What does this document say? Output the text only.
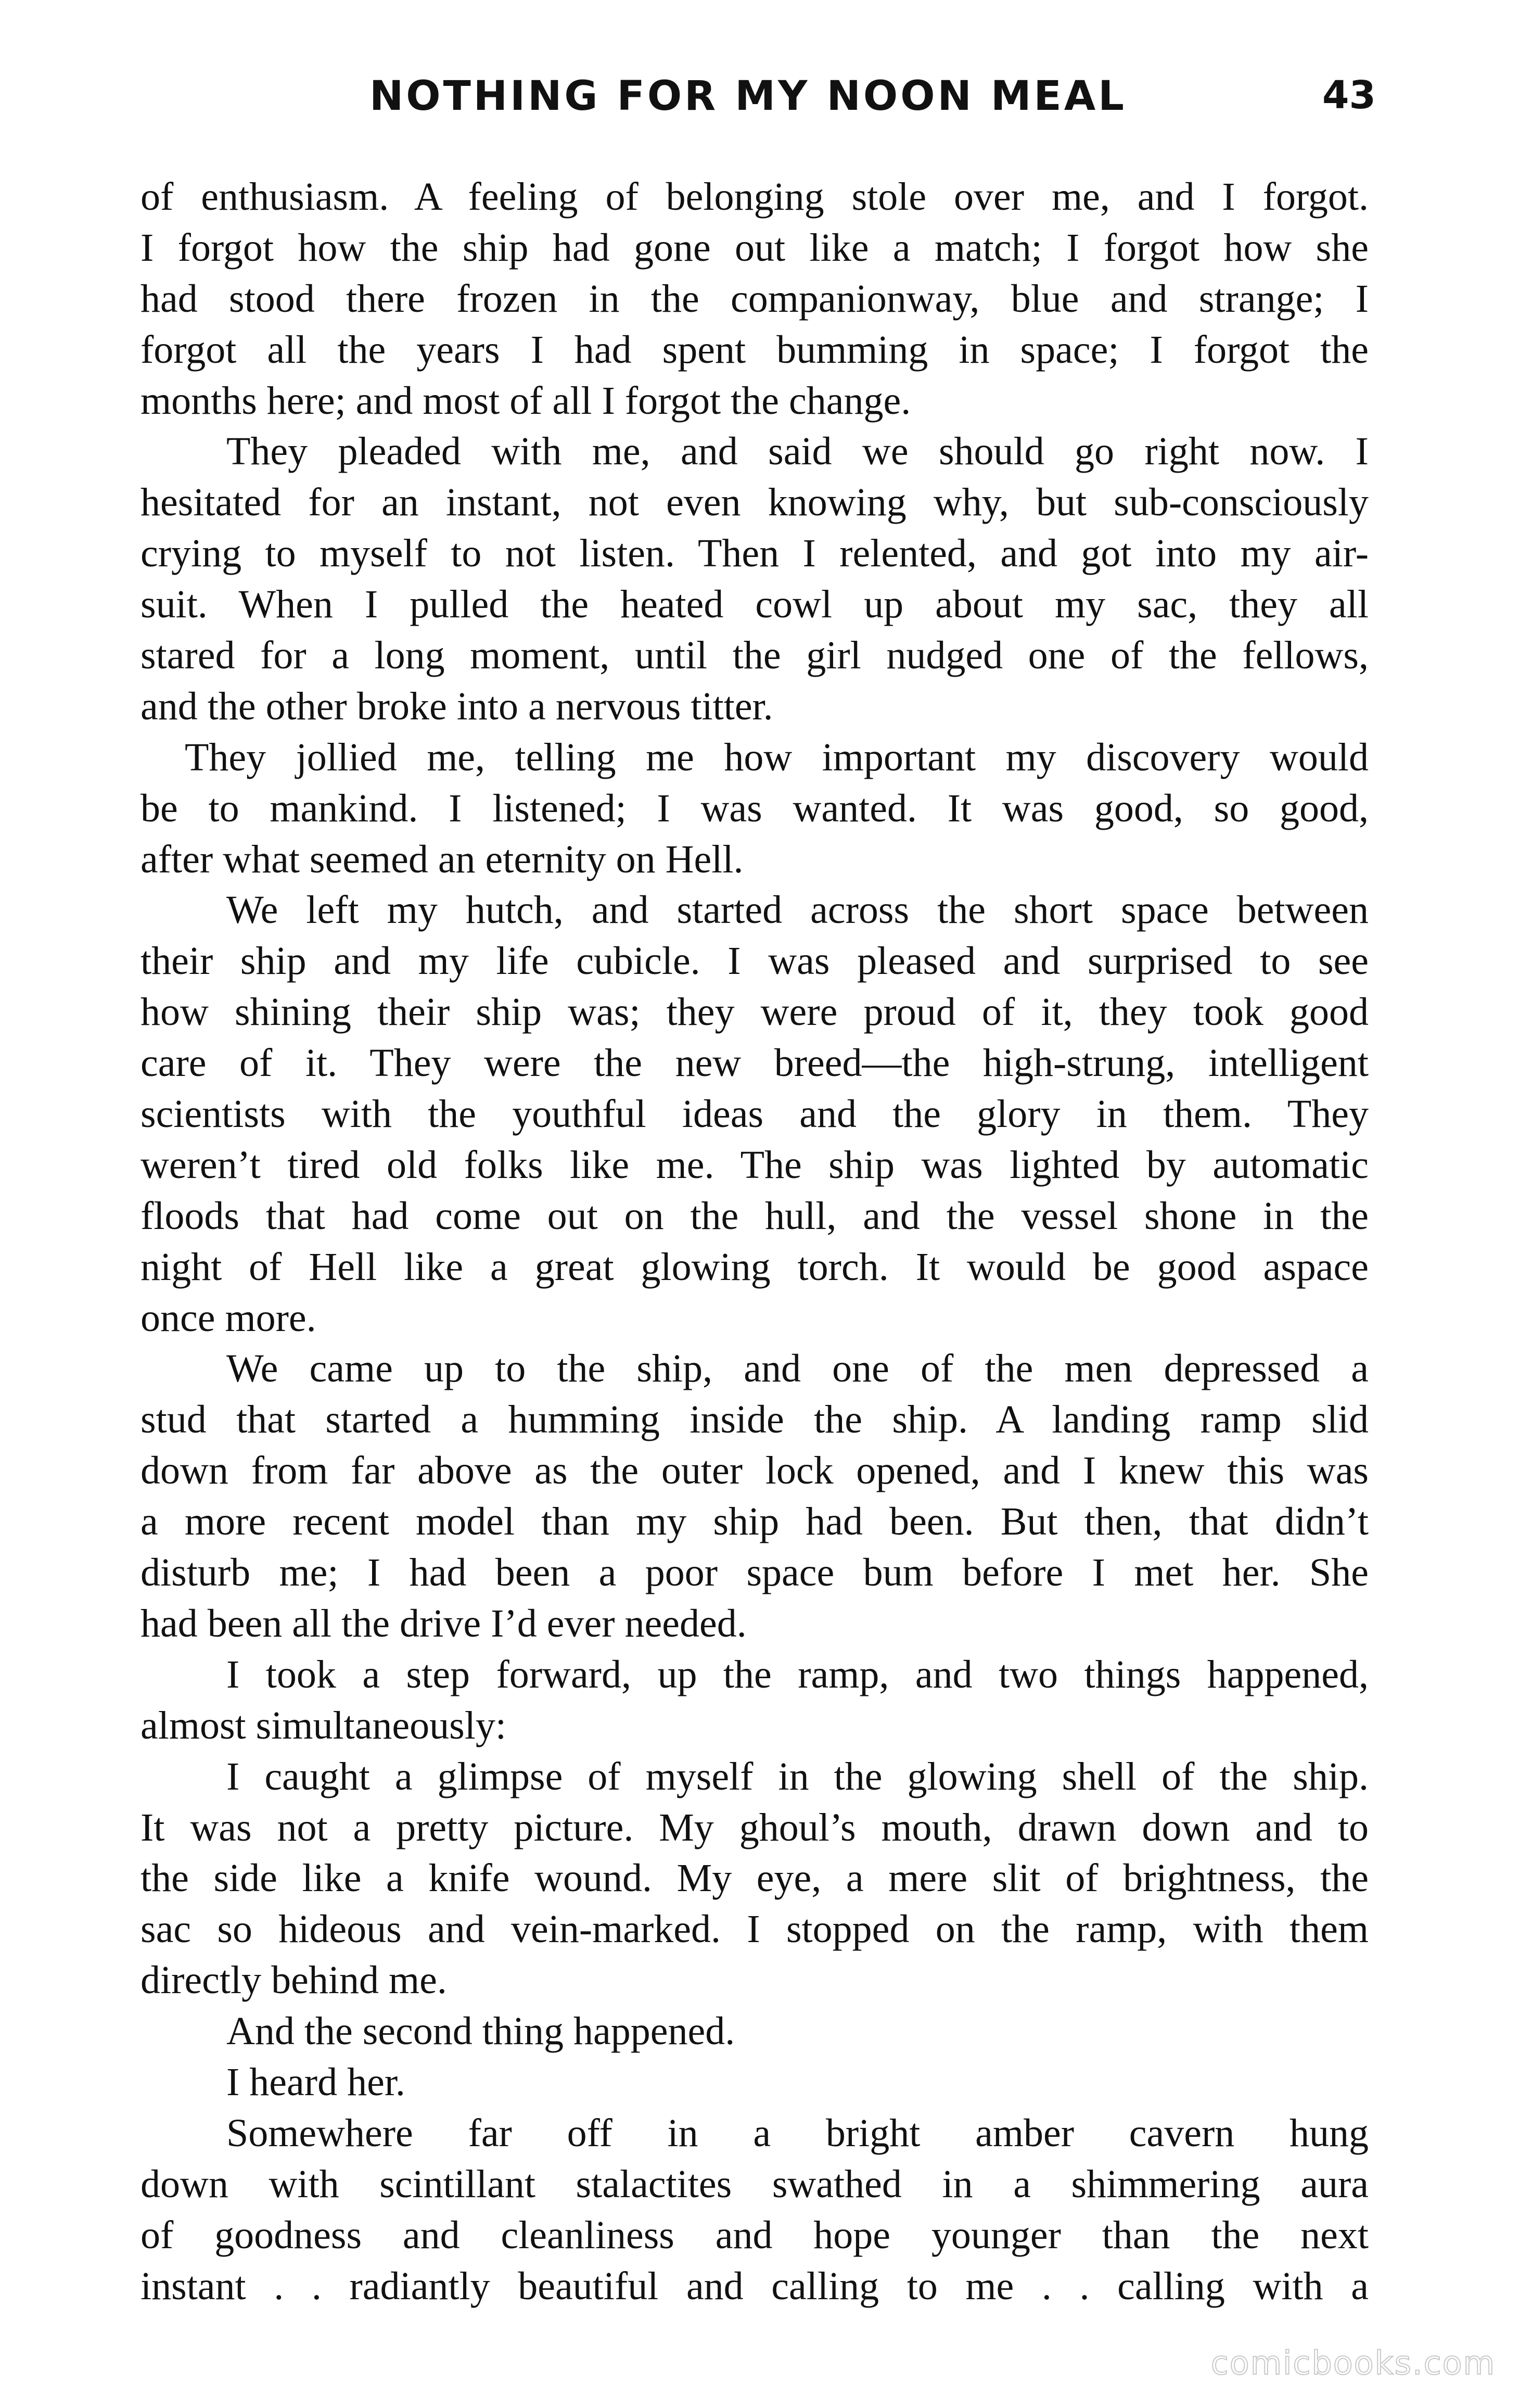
NOTHING FOR MY NOON MEAL	43
of enthusiasm. A feeling of belonging stole over me, and I forgot.
I forgot how the ship had gone out like a match; I forgot how she
had stood there frozen in the companionway, blue and strange; I
forgot all the years I had spent bumming in space; I forgot the
months here; and most of all I forgot the change.
They pleaded with me, and said we should go right now. I
hesitated for an instant, not even knowing why, but sub-consciously
crying to myself to not listen. Then I relented, and got into my air-
suit. When I pulled the heated cowl up about my sac, they all
stared for a long moment, until the girl nudged one of the fellows,
and the other broke into a nervous titter.
They jollied me, telling me how important my discovery would
be to mankind. I listened; I was wanted. It was good, so good,
after what seemed an eternity on Hell.
We left my hutch, and started across the short space between
their ship and my life cubicle. I was pleased and surprised to see
how shining their ship was; they were proud of it, they took good
care of it. They were the new breed—the high-strung, intelligent
scientists with the youthful ideas and the glory in them. They
weren’t tired old folks like me. The ship was lighted by automatic
floods that had come out on the hull, and the vessel shone in the
night of Hell like a great glowing torch. It would be good aspace
once more.
We came up to the ship, and one of the men depressed a
stud that started a humming inside the ship. A landing ramp slid
down from far above as the outer lock opened, and I knew this was
a more recent model than my ship had been. But then, that didn’t
disturb me; I had been a poor space bum before I met her. She
had been all the drive I’d ever needed.
I took a step forward, up the ramp, and two things happened,
almost simultaneously:
I caught a glimpse of myself in the glowing shell of the ship.
It was not a pretty picture. My ghoul’s mouth, drawn down and to
the side like a knife wound. My eye, a mere slit of brightness, the
sac so hideous and vein-marked. I stopped on the ramp, with them
directly behind me.
And the second thing happened.
I heard her.
Somewhere far off in a bright amber cavern hung
down with scintillant stalactites swathed in a shimmering aura
of goodness and cleanliness and hope younger than the next
instant . . radiantly beautiful and calling to me . . calling with a
comicbooks.com
